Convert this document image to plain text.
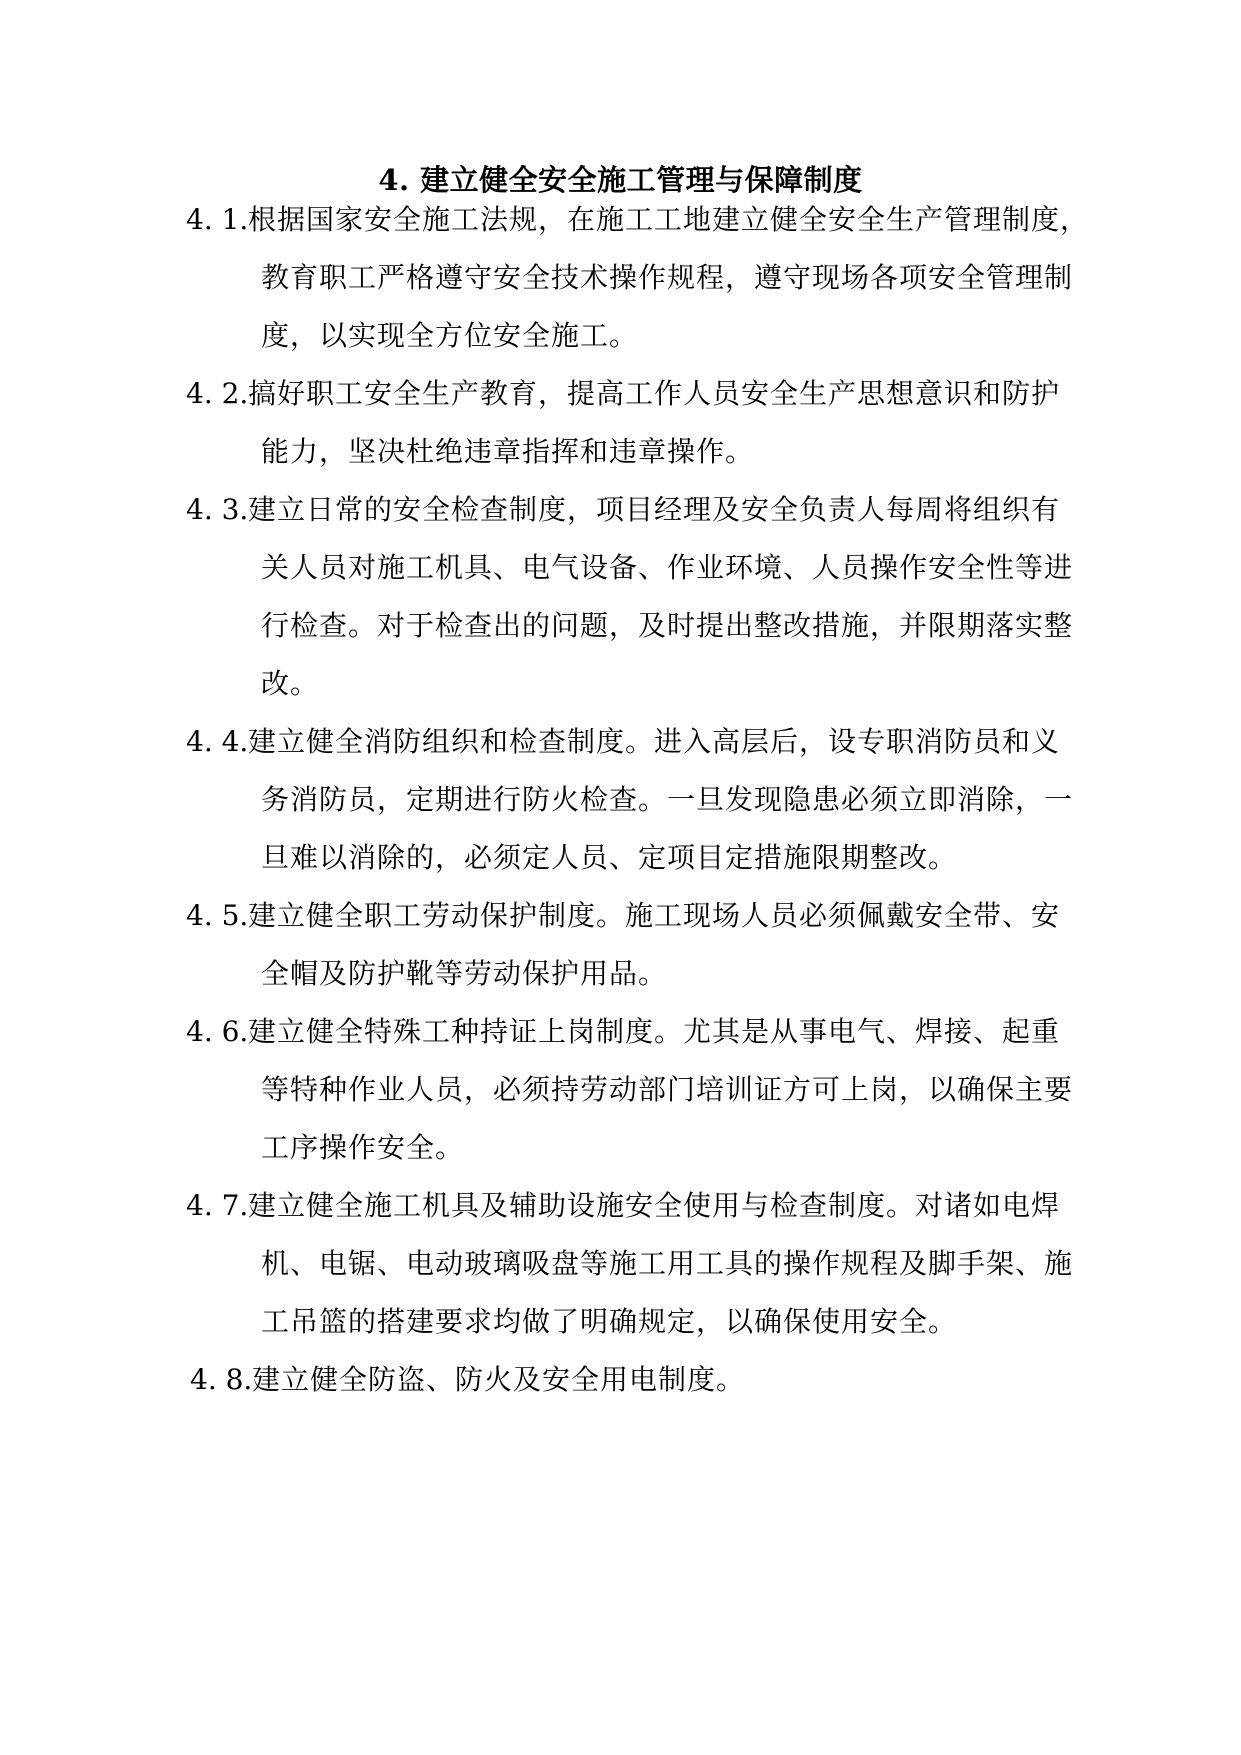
4. 建立健全安全施工管理与保障制度
4. 1.根据国家安全施工法规，在施工工地建立健全安全生产管理制度，
教育职工严格遵守安全技术操作规程，遵守现场各项安全管理制
度，以实现全方位安全施工。
4. 2.搞好职工安全生产教育，提高工作人员安全生产思想意识和防护
能力，坚决杜绝违章指挥和违章操作。
4. 3.建立日常的安全检查制度，项目经理及安全负责人每周将组织有
关人员对施工机具、电气设备、作业环境、人员操作安全性等进
行检查。对于检查出的问题，及时提出整改措施，并限期落实整
改。
4. 4.建立健全消防组织和检查制度。进入高层后，设专职消防员和义
务消防员，定期进行防火检查。一旦发现隐患必须立即消除，一
旦难以消除的，必须定人员、定项目定措施限期整改。
4. 5.建立健全职工劳动保护制度。施工现场人员必须佩戴安全带、安
全帽及防护靴等劳动保护用品。
4. 6.建立健全特殊工种持证上岗制度。尤其是从事电气、焊接、起重
等特种作业人员，必须持劳动部门培训证方可上岗，以确保主要
工序操作安全。
4. 7.建立健全施工机具及辅助设施安全使用与检查制度。对诸如电焊
机、电锯、电动玻璃吸盘等施工用工具的操作规程及脚手架、施
工吊篮的搭建要求均做了明确规定，以确保使用安全。
4. 8.建立健全防盗、防火及安全用电制度。
